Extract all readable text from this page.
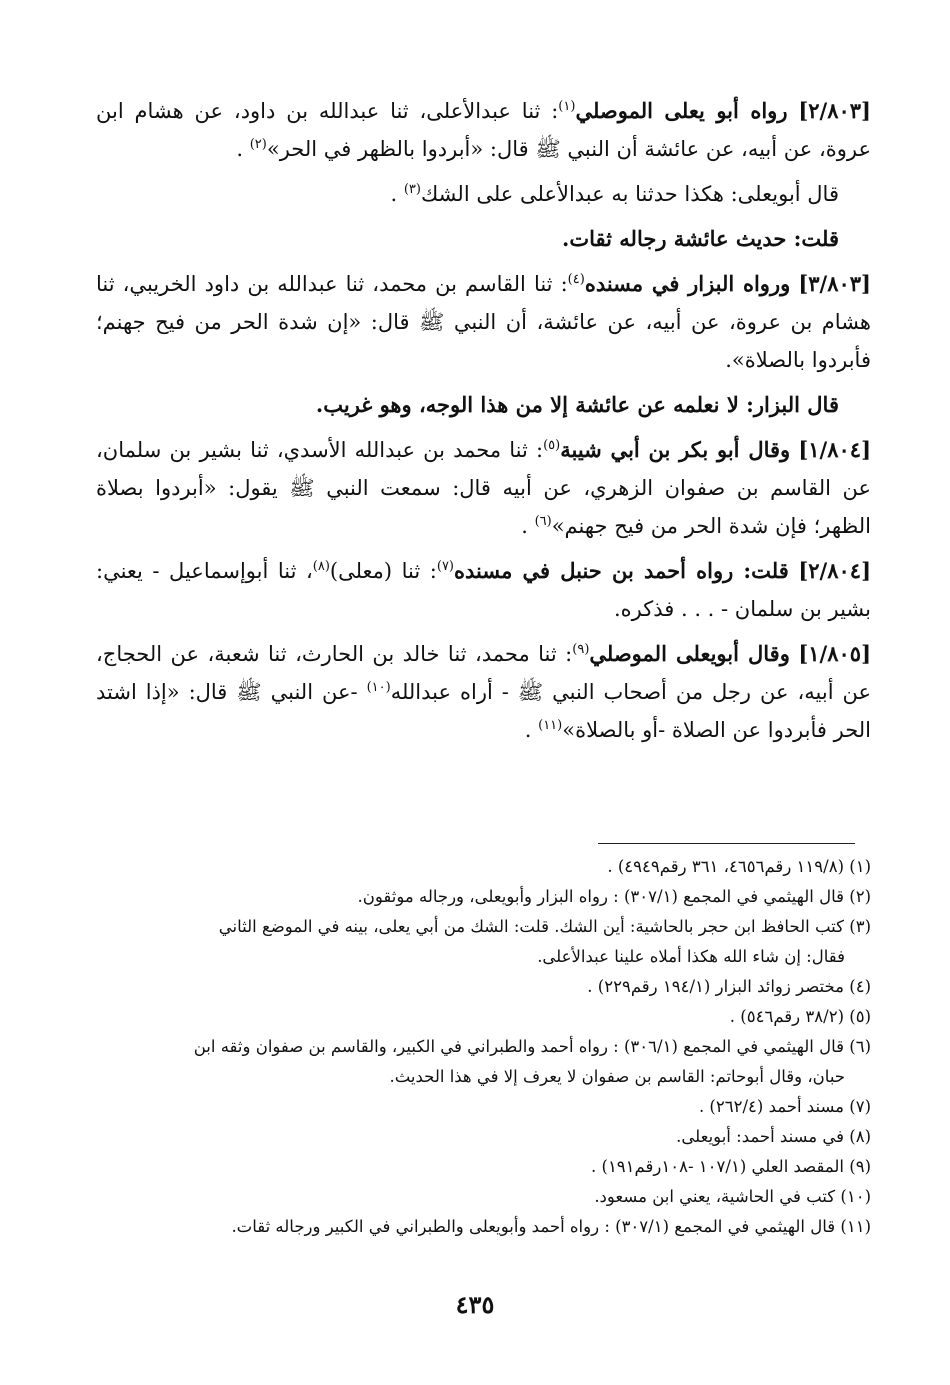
[٢/٨٠٣] رواه أبو يعلى الموصلي$^{(١)}$: ثنا عبدالأعلى، ثنا عبدالله بن داود، عن هشام ابن عروة، عن أبيه، عن عائشة أن النبي ﷺ قال: «أبردوا بالظهر في الحر»$^{(٢)}$ .

قال أبويعلى: هكذا حدثنا به عبدالأعلى على الشك$^{(٣)}$ .

قلت: حديث عائشة رجاله ثقات.

[٣/٨٠٣] ورواه البزار في مسنده$^{(٤)}$: ثنا القاسم بن محمد، ثنا عبدالله بن داود الخريبي، ثنا هشام بن عروة، عن أبيه، عن عائشة، أن النبي ﷺ قال: «إن شدة الحر من فيح جهنم؛ فأبردوا بالصلاة».

قال البزار: لا نعلمه عن عائشة إلا من هذا الوجه، وهو غريب.

[١/٨٠٤] وقال أبو بكر بن أبي شيبة$^{(٥)}$: ثنا محمد بن عبدالله الأسدي، ثنا بشير بن سلمان، عن القاسم بن صفوان الزهري، عن أبيه قال: سمعت النبي ﷺ يقول: «أبردوا بصلاة الظهر؛ فإن شدة الحر من فيح جهنم»$^{(٦)}$ .

[٢/٨٠٤] قلت: رواه أحمد بن حنبل في مسنده$^{(٧)}$: ثنا (معلى)$^{(٨)}$، ثنا أبوإسماعيل - يعني: بشير بن سلمان - . . . فذكره.

[١/٨٠٥] وقال أبويعلى الموصلي$^{(٩)}$: ثنا محمد، ثنا خالد بن الحارث، ثنا شعبة، عن الحجاج، عن أبيه، عن رجل من أصحاب النبي ﷺ - أراه عبدالله$^{(١٠)}$ -عن النبي ﷺ قال: «إذا اشتد الحر فأبردوا عن الصلاة -أو بالصلاة»$^{(١١)}$ .

(١) (١١٩/٨ رقم٤٦٥٦، ٣٦١ رقم٤٩٤٩) .

(٢) قال الهيثمي في المجمع (٣٠٧/١) : رواه البزار وأبويعلى، ورجاله موثقون.

(٣) كتب الحافظ ابن حجر بالحاشية: أين الشك. قلت: الشك من أبي يعلى، بينه في الموضع الثاني
فقال: إن شاء الله هكذا أملاه علينا عبدالأعلى.

(٤) مختصر زوائد البزار (١٩٤/١ رقم٢٢٩) .

(٥) (٣٨/٢ رقم٥٤٦) .

(٦) قال الهيثمي في المجمع (٣٠٦/١) : رواه أحمد والطبراني في الكبير، والقاسم بن صفوان وثقه ابن
حبان، وقال أبوحاتم: القاسم بن صفوان لا يعرف إلا في هذا الحديث.

(٧) مسند أحمد (٢٦٢/٤) .

(٨) في مسند أحمد: أبويعلى.

(٩) المقصد العلي (١٠٧/١ -١٠٨رقم١٩١) .

(١٠) كتب في الحاشية، يعني ابن مسعود.

(١١) قال الهيثمي في المجمع (٣٠٧/١) : رواه أحمد وأبويعلى والطبراني في الكبير ورجاله ثقات.

٤٣٥
